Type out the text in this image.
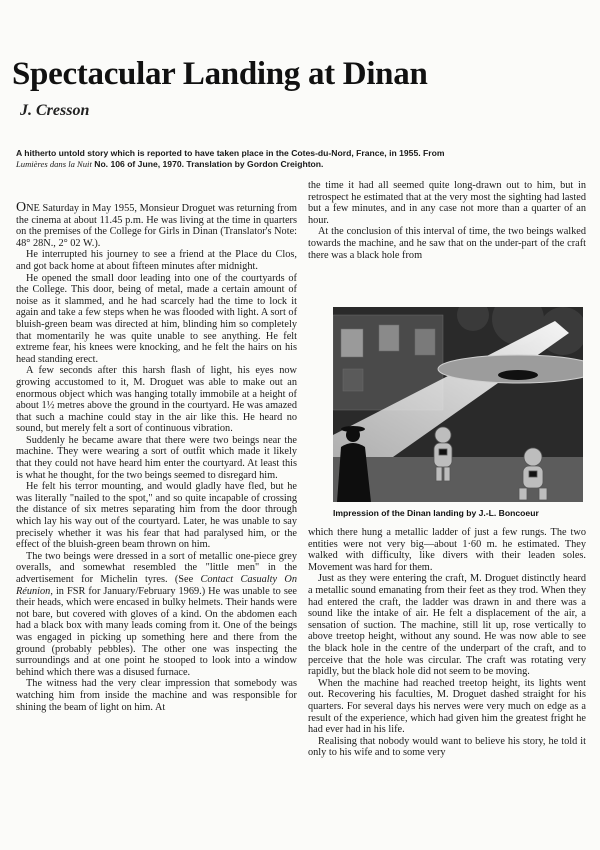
Spectacular Landing at Dinan
J. Cresson
A hitherto untold story which is reported to have taken place in the Cotes-du-Nord, France, in 1955. From Lumières dans la Nuit No. 106 of June, 1970. Translation by Gordon Creighton.

ONE Saturday in May 1955, Monsieur Droguet was returning from the cinema at about 11.45 p.m. He was living at the time in quarters on the premises of the College for Girls in Dinan (Translator's Note: 48° 28N., 2° 02 W.).

He interrupted his journey to see a friend at the Place du Clos, and got back home at about fifteen minutes after midnight.

He opened the small door leading into one of the courtyards of the College. This door, being of metal, made a certain amount of noise as it slammed, and he had scarcely had the time to lock it again and take a few steps when he was flooded with light. A sort of bluish-green beam was directed at him, blinding him so completely that momentarily he was quite unable to see anything. He felt extreme fear, his knees were knocking, and he felt the hairs on his head standing erect.

A few seconds after this harsh flash of light, his eyes now growing accustomed to it, M. Droguet was able to make out an enormous object which was hanging totally immobile at a height of about 1½ metres above the ground in the courtyard. He was amazed that such a machine could stay in the air like this. He heard no sound, but merely felt a sort of continuous vibration.

Suddenly he became aware that there were two beings near the machine. They were wearing a sort of outfit which made it likely that they could not have heard him enter the courtyard. At least this is what he thought, for the two beings seemed to disregard him.

He felt his terror mounting, and would gladly have fled, but he was literally "nailed to the spot," and so quite incapable of crossing the distance of six metres separating him from the door through which lay his way out of the courtyard. Later, he was unable to say precisely whether it was his fear that had paralysed him, or the effect of the bluish-green beam thrown on him.

The two beings were dressed in a sort of metallic one-piece grey overalls, and somewhat resembled the "little men" in the advertisement for Michelin tyres. (See Contact Casualty On Réunion, in FSR for January/February 1969.) He was unable to see their heads, which were encased in bulky helmets. Their hands were not bare, but covered with gloves of a kind. On the abdomen each had a black box with many leads coming from it. One of the beings was engaged in picking up something here and there from the ground (probably pebbles). The other one was inspecting the surroundings and at one point he stooped to look into a window behind which there was a disused furnace.

The witness had the very clear impression that somebody was watching him from inside the machine and was responsible for shining the beam of light on him. At

the time it had all seemed quite long-drawn out to him, but in retrospect he estimated that at the very most the sighting had lasted but a few minutes, and in any case not more than a quarter of an hour.

At the conclusion of this interval of time, the two beings walked towards the machine, and he saw that on the under-part of the craft there was a black hole from

Impression of the Dinan landing by J.-L. Boncoeur

which there hung a metallic ladder of just a few rungs. The two entities were not very big—about 1·60 m. he estimated. They walked with difficulty, like divers with their leaden soles. Movement was hard for them.

Just as they were entering the craft, M. Droguet distinctly heard a metallic sound emanating from their feet as they trod. When they had entered the craft, the ladder was drawn in and there was a sound like the intake of air. He felt a displacement of the air, a sensation of suction. The machine, still lit up, rose vertically to above treetop height, without any sound. He was now able to see the black hole in the centre of the underpart of the craft, and to perceive that the hole was circular. The craft was rotating very rapidly, but the black hole did not seem to be moving.

When the machine had reached treetop height, its lights went out. Recovering his faculties, M. Droguet dashed straight for his quarters. For several days his nerves were very much on edge as a result of the experience, which had given him the greatest fright he had ever had in his life.

Realising that nobody would want to believe his story, he told it only to his wife and to some very
